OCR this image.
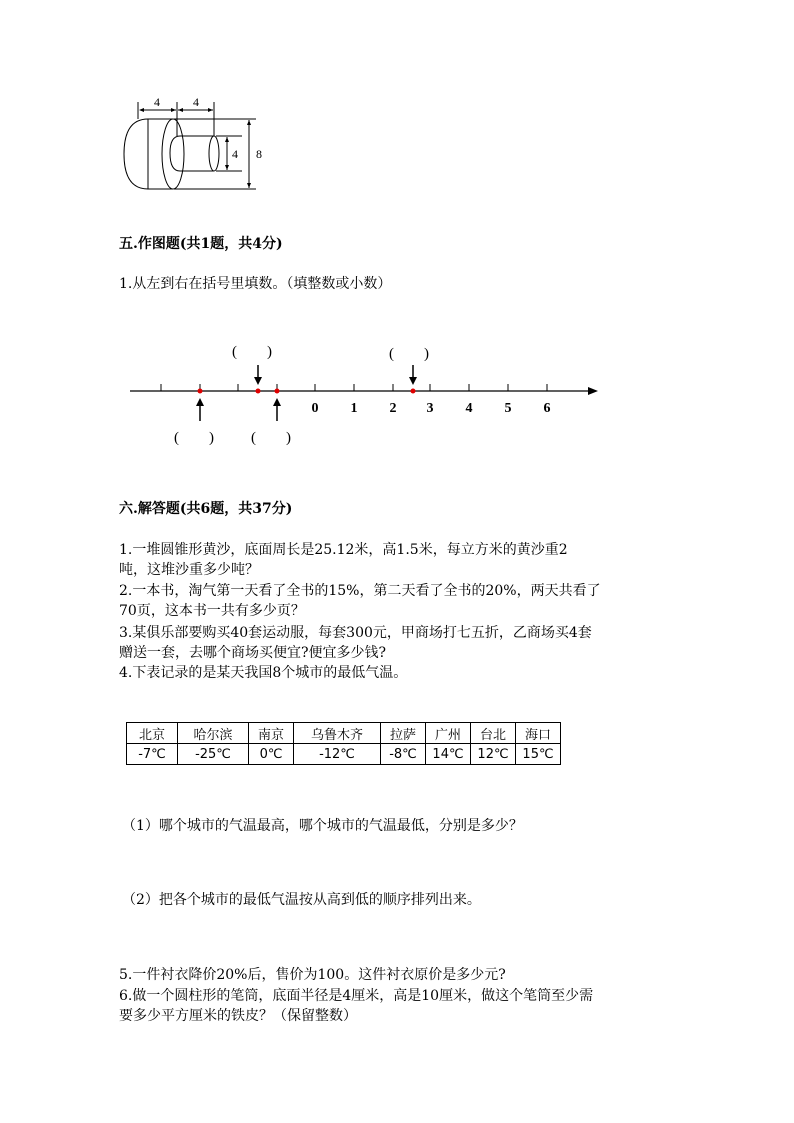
4	4
4 8
五.作图题(共1题，共4分)
1.从左到右在括号里填数。（填整数或小数）
0 1 2 3 4 5 6
(　　)	(　　)
(　　) (　　)
六.解答题(共6题，共37分)
1.一堆圆锥形黄沙，底面周长是25.12米，高1.5米，每立方米的黄沙重2
吨，这堆沙重多少吨？
2.一本书，淘气第一天看了全书的15%，第二天看了全书的20%，两天共看了
70页，这本书一共有多少页？
3.某俱乐部要购买40套运动服，每套300元，甲商场打七五折，乙商场买4套
赠送一套，去哪个商场买便宜?便宜多少钱?
4.下表记录的是某天我国8个城市的最低气温。
北京	哈尔滨	南京	乌鲁木齐	拉萨	广州	台北	海口
-7℃	-25℃	0℃	-12℃	-8℃	14℃	12℃	15℃
（1）哪个城市的气温最高，哪个城市的气温最低，分别是多少？
（2）把各个城市的最低气温按从高到低的顺序排列出来。
5.一件衬衣降价20%后，售价为100。这件衬衣原价是多少元?
6.做一个圆柱形的笔筒，底面半径是4厘米，高是10厘米，做这个笔筒至少需
要多少平方厘米的铁皮？（保留整数）
